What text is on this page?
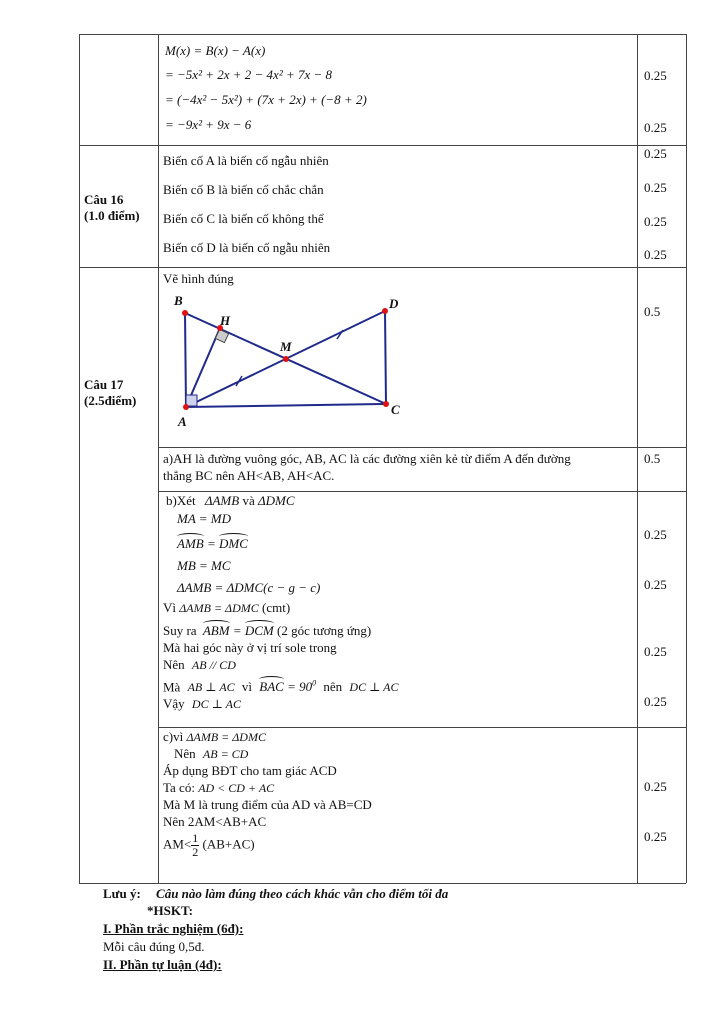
M(x) = B(x) − A(x)
= −5x² + 2x + 2 − 4x² + 7x − 8
= (−4x² − 5x²) + (7x + 2x) + (−8 + 2)
= −9x² + 9x − 6
0.25
0.25
Câu 16
(1.0 điểm)
Biến cố A là biến cố ngẫu nhiên
Biến cố B là biến cố chắc chắn
Biến cố C là biến cố không thể
Biến cố D là biến cố ngẫu nhiên
0.25
0.25
0.25
0.25
Câu 17
(2.5điểm)
Vẽ hình đúng
0.5
B
H
D
M
A
C
a)AH là đường vuông góc, AB, AC là các đường xiên kẻ từ điểm A đến đường
thẳng BC nên AH<AB, AH<AC.
0.5
b)Xét ΔAMB và ΔDMC
MA = MD
AMB = DMC
MB = MC
ΔAMB = ΔDMC(c − g − c)
Vì ΔAMB = ΔDMC (cmt)
Suy ra ABM = DCM (2 góc tương ứng)
Mà hai góc này ở vị trí sole trong
Nên AB // CD
Mà AB ⊥ AC vì BAC = $90^0$ nên DC ⊥ AC
Vậy DC ⊥ AC
0.25
0.25
0.25
0.25
c)vì ΔAMB = ΔDMC
Nên AB = CD
Áp dụng BĐT cho tam giác ACD
Ta có: AD < CD + AC
Mà M là trung điểm của AD và AB=CD
Nên 2AM<AB+AC
$AM< \frac{1}{2} (AB+AC)$
0.25
0.25
Lưu ý: Câu nào làm đúng theo cách khác vẫn cho điểm tối đa
*HSKT:
I. Phần trắc nghiệm (6đ):
Mỗi câu đúng 0,5đ.
II. Phần tự luận (4đ):
